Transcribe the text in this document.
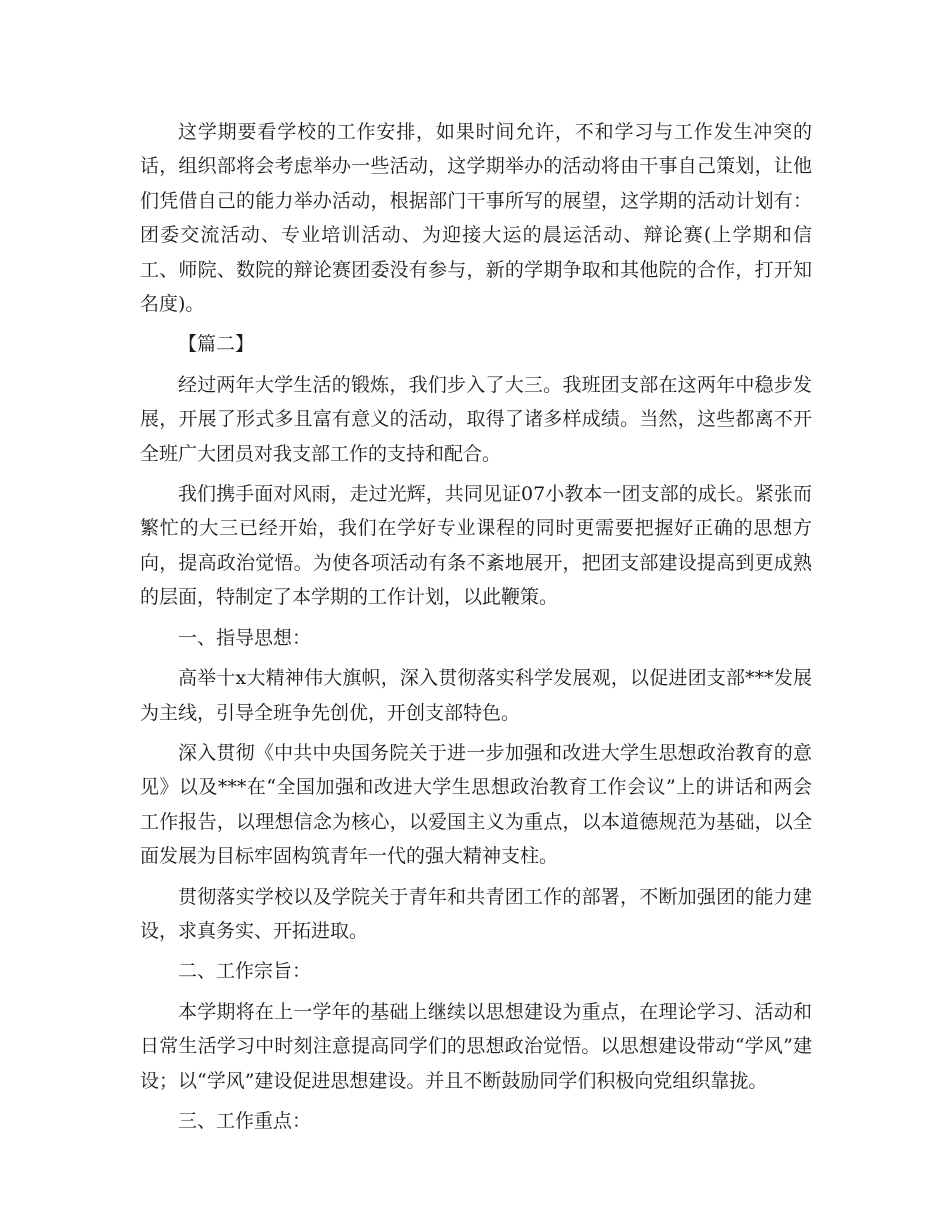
这学期要看学校的工作安排，如果时间允许，不和学习与工作发生冲突的话，组织部将会考虑举办一些活动，这学期举办的活动将由干事自己策划，让他们凭借自己的能力举办活动，根据部门干事所写的展望，这学期的活动计划有：团委交流活动、专业培训活动、为迎接大运的晨运活动、辩论赛(上学期和信工、师院、数院的辩论赛团委没有参与，新的学期争取和其他院的合作，打开知名度)。

【篇二】

经过两年大学生活的锻炼，我们步入了大三。我班团支部在这两年中稳步发展，开展了形式多且富有意义的活动，取得了诸多样成绩。当然，这些都离不开全班广大团员对我支部工作的支持和配合。

我们携手面对风雨，走过光辉，共同见证07小教本一团支部的成长。紧张而繁忙的大三已经开始，我们在学好专业课程的同时更需要把握好正确的思想方向，提高政治觉悟。为使各项活动有条不紊地展开，把团支部建设提高到更成熟的层面，特制定了本学期的工作计划，以此鞭策。

一、指导思想：

高举十x大精神伟大旗帜，深入贯彻落实科学发展观，以促进团支部***发展为主线，引导全班争先创优，开创支部特色。

深入贯彻《中共中央国务院关于进一步加强和改进大学生思想政治教育的意见》以及***在“全国加强和改进大学生思想政治教育工作会议”上的讲话和两会工作报告，以理想信念为核心，以爱国主义为重点，以本道德规范为基础，以全面发展为目标牢固构筑青年一代的强大精神支柱。

贯彻落实学校以及学院关于青年和共青团工作的部署，不断加强团的能力建设，求真务实、开拓进取。

二、工作宗旨：

本学期将在上一学年的基础上继续以思想建设为重点，在理论学习、活动和日常生活学习中时刻注意提高同学们的思想政治觉悟。以思想建设带动“学风”建设；以“学风”建设促进思想建设。并且不断鼓励同学们积极向党组织靠拢。

三、工作重点：
